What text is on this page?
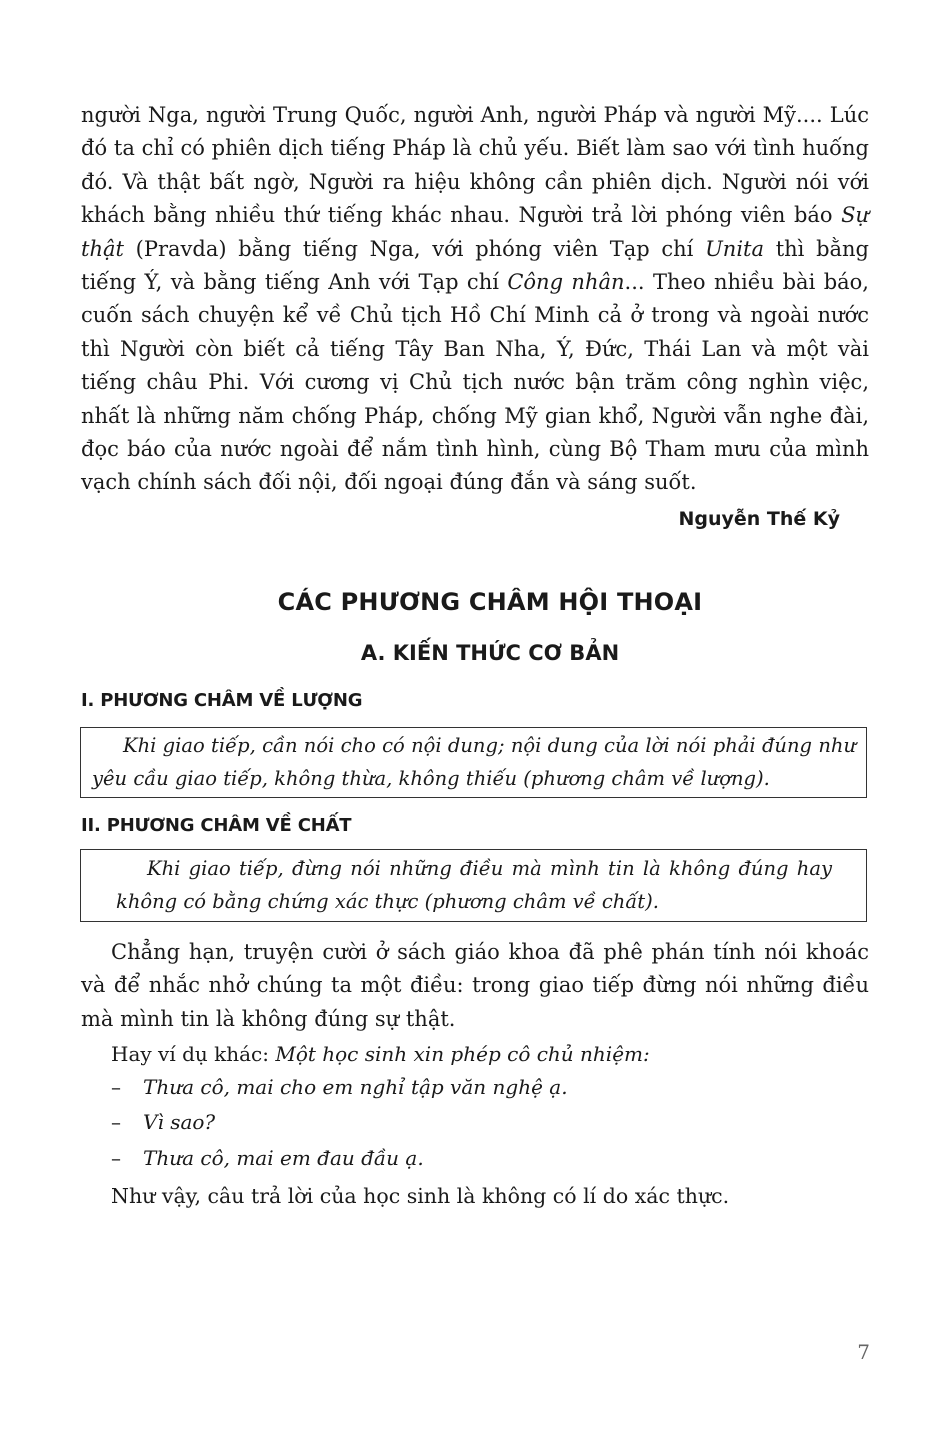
người Nga, người Trung Quốc, người Anh, người Pháp và người Mỹ.... Lúc đó ta chỉ có phiên dịch tiếng Pháp là chủ yếu. Biết làm sao với tình huống đó. Và thật bất ngờ, Người ra hiệu không cần phiên dịch. Người nói với khách bằng nhiều thứ tiếng khác nhau. Người trả lời phóng viên báo Sự thật (Pravda) bằng tiếng Nga, với phóng viên Tạp chí Unita thì bằng tiếng Ý, và bằng tiếng Anh với Tạp chí Công nhân... Theo nhiều bài báo, cuốn sách chuyện kể về Chủ tịch Hồ Chí Minh cả ở trong và ngoài nước thì Người còn biết cả tiếng Tây Ban Nha, Ý, Đức, Thái Lan và một vài tiếng châu Phi. Với cương vị Chủ tịch nước bận trăm công nghìn việc, nhất là những năm chống Pháp, chống Mỹ gian khổ, Người vẫn nghe đài, đọc báo của nước ngoài để nắm tình hình, cùng Bộ Tham mưu của mình vạch chính sách đối nội, đối ngoại đúng đắn và sáng suốt.

Nguyễn Thế Kỷ

CÁC PHƯƠNG CHÂM HỘI THOẠI
A. KIẾN THỨC CƠ BẢN
I. PHƯƠNG CHÂM VỀ LƯỢNG

Khi giao tiếp, cần nói cho có nội dung; nội dung của lời nói phải đúng như yêu cầu giao tiếp, không thừa, không thiếu (phương châm về lượng).

II. PHƯƠNG CHÂM VỀ CHẤT

Khi giao tiếp, đừng nói những điều mà mình tin là không đúng hay không có bằng chứng xác thực (phương châm về chất).

Chẳng hạn, truyện cười ở sách giáo khoa đã phê phán tính nói khoác và để nhắc nhở chúng ta một điều: trong giao tiếp đừng nói những điều mà mình tin là không đúng sự thật.

Hay ví dụ khác: Một học sinh xin phép cô chủ nhiệm:

– Thưa cô, mai cho em nghỉ tập văn nghệ ạ.

– Vì sao?

– Thưa cô, mai em đau đầu ạ.

Như vậy, câu trả lời của học sinh là không có lí do xác thực.

7
